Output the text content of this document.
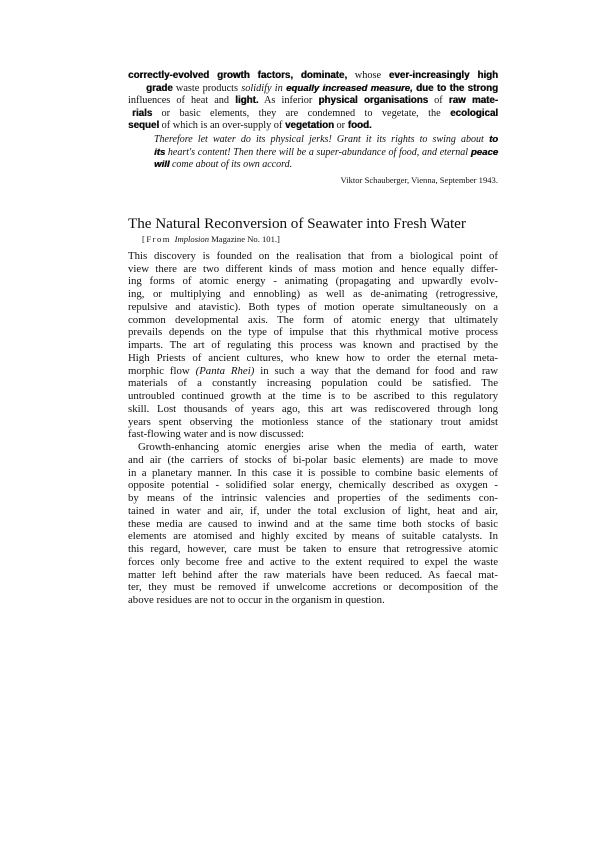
correctly-evolved growth factors, dominate, whose ever-increasingly high
grade waste products solidify in equally increased measure, due to the strong
influences of heat and light. As inferior physical organisations of raw mate-
rials or basic elements, they are condemned to vegetate, the ecological
sequel of which is an over-supply of vegetation or food.
Therefore let water do its physical jerks! Grant it its rights to swing about to
its heart's content! Then there will be a super-abundance of food, and eternal peace
will come about of its own accord.
Viktor Schauberger, Vienna, September 1943.
The Natural Reconversion of Seawater into Fresh Water
[From Implosion Magazine No. 101.]
This discovery is founded on the realisation that from a biological point of
view there are two different kinds of mass motion and hence equally differ-
ing forms of atomic energy - animating (propagating and upwardly evolv-
ing, or multiplying and ennobling) as well as de-animating (retrogressive,
repulsive and atavistic). Both types of motion operate simultaneously on a
common developmental axis. The form of atomic energy that ultimately
prevails depends on the type of impulse that this rhythmical motive process
imparts. The art of regulating this process was known and practised by the
High Priests of ancient cultures, who knew how to order the eternal meta-
morphic flow (Panta Rhei) in such a way that the demand for food and raw
materials of a constantly increasing population could be satisfied. The
untroubled continued growth at the time is to be ascribed to this regulatory
skill. Lost thousands of years ago, this art was rediscovered through long
years spent observing the motionless stance of the stationary trout amidst
fast-flowing water and is now discussed:
Growth-enhancing atomic energies arise when the media of earth, water
and air (the carriers of stocks of bi-polar basic elements) are made to move
in a planetary manner. In this case it is possible to combine basic elements of
opposite potential - solidified solar energy, chemically described as oxygen -
by means of the intrinsic valencies and properties of the sediments con-
tained in water and air, if, under the total exclusion of light, heat and air,
these media are caused to inwind and at the same time both stocks of basic
elements are atomised and highly excited by means of suitable catalysts. In
this regard, however, care must be taken to ensure that retrogressive atomic
forces only become free and active to the extent required to expel the waste
matter left behind after the raw materials have been reduced. As faecal mat-
ter, they must be removed if unwelcome accretions or decomposition of the
above residues are not to occur in the organism in question.
